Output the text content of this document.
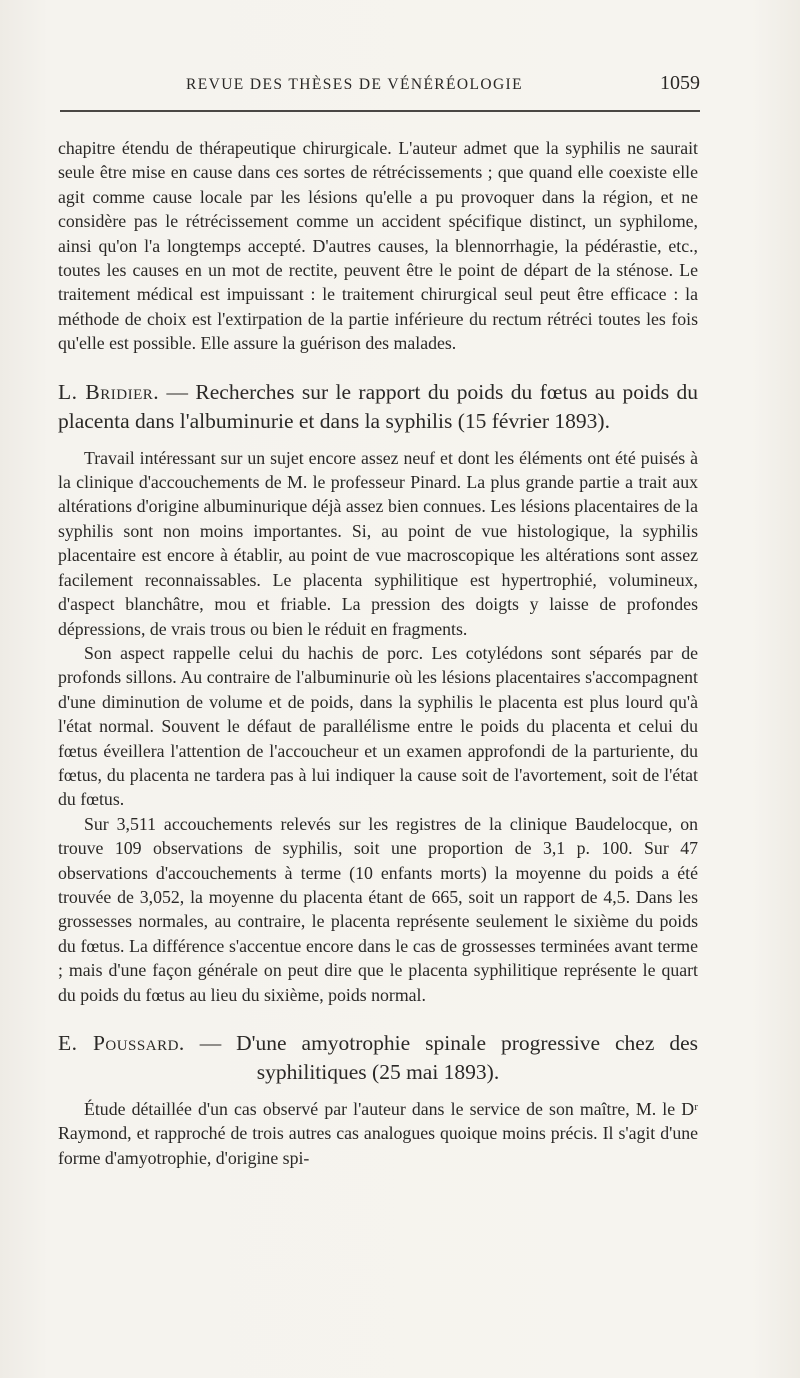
REVUE DES THÈSES DE VÉNÉRÉOLOGIE	1059

chapitre étendu de thérapeutique chirurgicale. L'auteur admet que la syphilis ne saurait seule être mise en cause dans ces sortes de rétrécissements ; que quand elle coexiste elle agit comme cause locale par les lésions qu'elle a pu provoquer dans la région, et ne considère pas le rétrécissement comme un accident spécifique distinct, un syphilome, ainsi qu'on l'a longtemps accepté. D'autres causes, la blennorrhagie, la pédérastie, etc., toutes les causes en un mot de rectite, peuvent être le point de départ de la sténose. Le traitement médical est impuissant : le traitement chirurgical seul peut être efficace : la méthode de choix est l'extirpation de la partie inférieure du rectum rétréci toutes les fois qu'elle est possible. Elle assure la guérison des malades.

L. Bridier. — Recherches sur le rapport du poids du fœtus au poids du placenta dans l'albuminurie et dans la syphilis (15 février 1893).

Travail intéressant sur un sujet encore assez neuf et dont les éléments ont été puisés à la clinique d'accouchements de M. le professeur Pinard. La plus grande partie a trait aux altérations d'origine albuminurique déjà assez bien connues. Les lésions placentaires de la syphilis sont non moins importantes. Si, au point de vue histologique, la syphilis placentaire est encore à établir, au point de vue macroscopique les altérations sont assez facilement reconnaissables. Le placenta syphilitique est hypertrophié, volumineux, d'aspect blanchâtre, mou et friable. La pression des doigts y laisse de profondes dépressions, de vrais trous ou bien le réduit en fragments.

Son aspect rappelle celui du hachis de porc. Les cotylédons sont séparés par de profonds sillons. Au contraire de l'albuminurie où les lésions placentaires s'accompagnent d'une diminution de volume et de poids, dans la syphilis le placenta est plus lourd qu'à l'état normal. Souvent le défaut de parallélisme entre le poids du placenta et celui du fœtus éveillera l'attention de l'accoucheur et un examen approfondi de la parturiente, du fœtus, du placenta ne tardera pas à lui indiquer la cause soit de l'avortement, soit de l'état du fœtus.

Sur 3,511 accouchements relevés sur les registres de la clinique Baudelocque, on trouve 109 observations de syphilis, soit une proportion de 3,1 p. 100. Sur 47 observations d'accouchements à terme (10 enfants morts) la moyenne du poids a été trouvée de 3,052, la moyenne du placenta étant de 665, soit un rapport de 4,5. Dans les grossesses normales, au contraire, le placenta représente seulement le sixième du poids du fœtus. La différence s'accentue encore dans le cas de grossesses terminées avant terme ; mais d'une façon générale on peut dire que le placenta syphilitique représente le quart du poids du fœtus au lieu du sixième, poids normal.

E. Poussard. — D'une amyotrophie spinale progressive chez des syphilitiques (25 mai 1893).

Étude détaillée d'un cas observé par l'auteur dans le service de son maître, M. le Dʳ Raymond, et rapproché de trois autres cas analogues quoique moins précis. Il s'agit d'une forme d'amyotrophie, d'origine spi-
